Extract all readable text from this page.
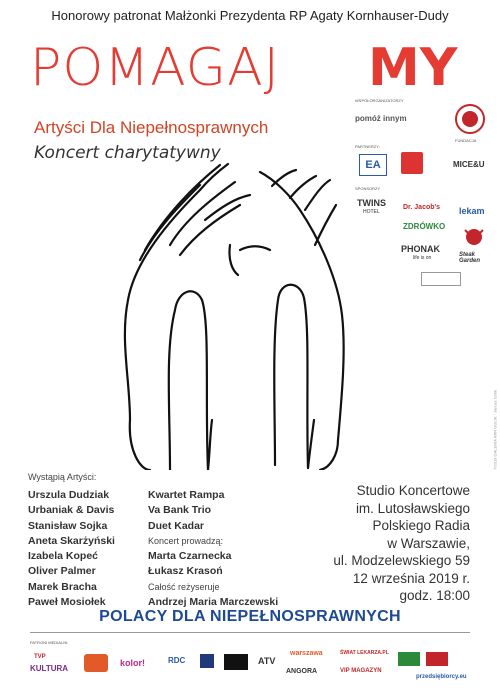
Honorowy patronat Małżonki Prezydenta RP Agaty Kornhauser-Dudy
POMAGAJ MY
Artyści Dla Niepełnosprawnych
Koncert charytatywny
WSPÓŁORGANIZATORZY
pomóż innym
FUNDACJA
PARTNERZY:
EA	MICE&U
SPONSORZY
TWINS
HOTEL
Dr. Jacob's lekam
ZDRÓWKO
PHONAK
life is on	Steak Garden
©2019 GALERIA KRR GOLIK · Janusz Golik
Wystąpią Artyści:
Urszula Dudziak
Urbaniak & Davis
Stanisław Sojka
Aneta Skarżyński
Izabela Kopeć
Oliver Palmer
Marek Bracha
Paweł Mosiołek
Kwartet Rampa
Va Bank Trio
Duet Kadar
Koncert prowadzą:
Marta Czarnecka
Łukasz Krasoń
Całość reżyseruje
Andrzej Maria Marczewski
Studio Koncertowe
im. Lutosławskiego
Polskiego Radia
w Warszawie,
ul. Modzelewskiego 59
12 września 2019 r.
godz. 18:00
POLACY DLA NIEPEŁNOSPRAWNYCH
PATRONI MEDIALNI:
TVP
KULTURA
kolor!	RDC	ATV
warszawa
ANGORA
ŚWIAT LEKARZA.PL
VIP MAGAZYN
przedsiębiorcy.eu
